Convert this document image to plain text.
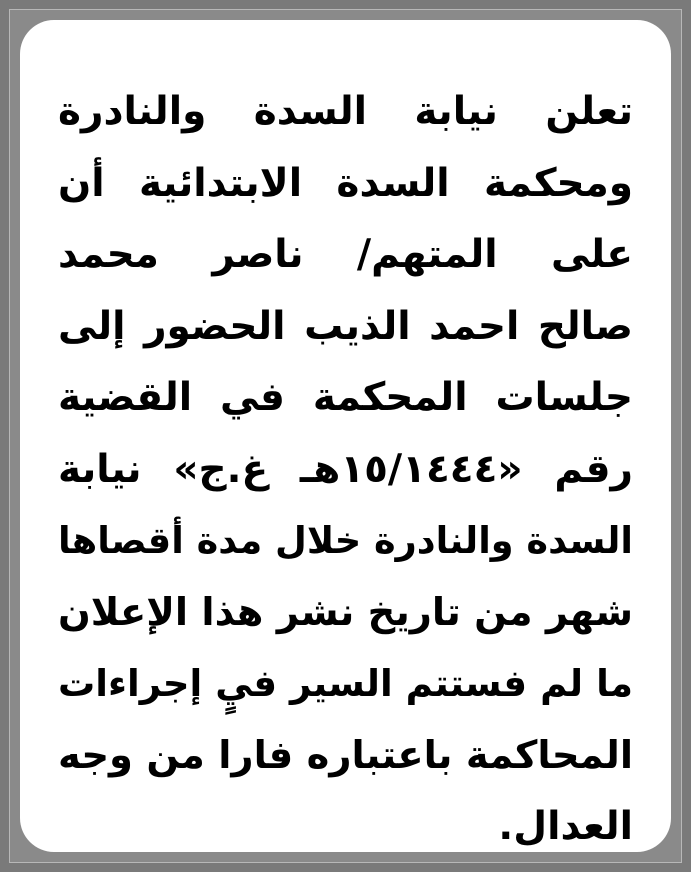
تعلن نيابة السدة والنادرة
ومحكمة السدة الابتدائية أن
على المتهم/ ناصر محمد
صالح احمد الذيب الحضور إلى
جلسات المحكمة في القضية
رقم «١٥/١٤٤٤هـ غ.ج» نيابة
السدة والنادرة خلال مدة أقصاها
شهر من تاريخ نشر هذا الإعلان
ما لم فستتم السير فيٍ إجراءات
المحاكمة باعتباره فارا من وجه
العدال.
